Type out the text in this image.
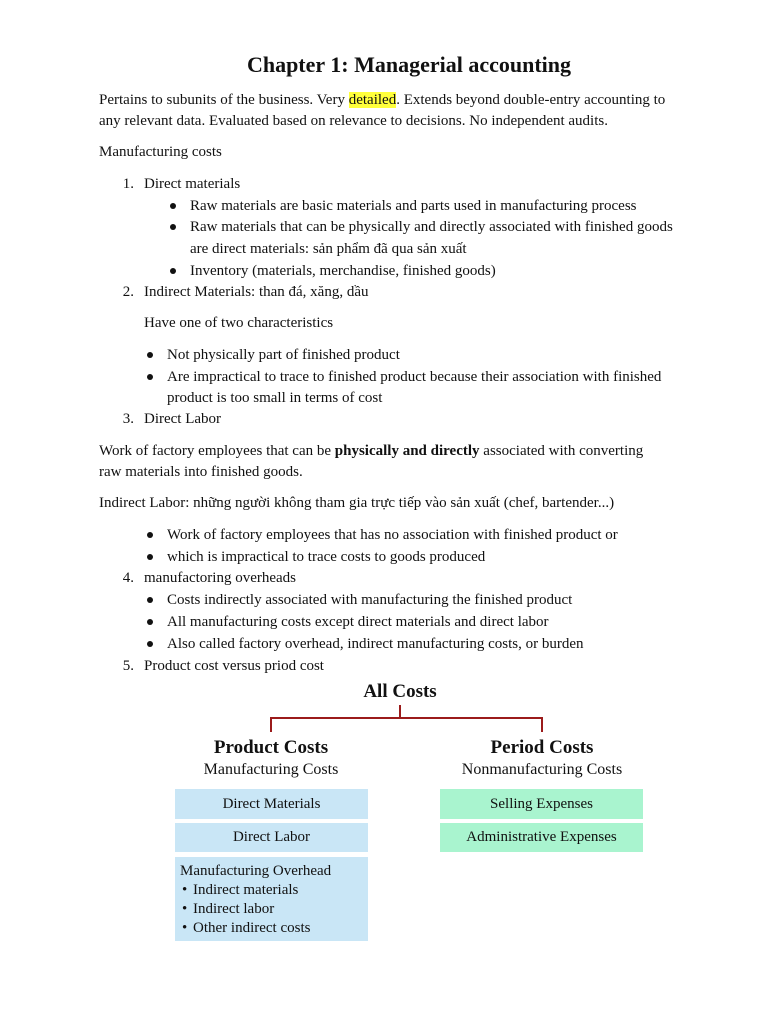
Chapter 1: Managerial accounting
Pertains to subunits of the business. Very detailed. Extends beyond double-entry accounting to
any relevant data. Evaluated based on relevance to decisions. No independent audits.
Manufacturing costs
1. Direct materials
Raw materials are basic materials and parts used in manufacturing process
Raw materials that can be physically and directly associated with finished goods
are direct materials: sản phẩm đã qua sản xuất
Inventory (materials, merchandise, finished goods)
2. Indirect Materials: than đá, xăng, dầu
Have one of two characteristics
Not physically part of finished product
Are impractical to trace to finished product because their association with finished
product is too small in terms of cost
3. Direct Labor
Work of factory employees that can be physically and directly associated with converting
raw materials into finished goods.
Indirect Labor: những người không tham gia trực tiếp vào sản xuất (chef, bartender...)
Work of factory employees that has no association with finished product or
which is impractical to trace costs to goods produced
4. manufactoring overheads
Costs indirectly associated with manufacturing the finished product
All manufacturing costs except direct materials and direct labor
Also called factory overhead, indirect manufacturing costs, or burden
5. Product cost versus priod cost
All Costs
Product Costs
Manufacturing Costs
Period Costs
Nonmanufacturing Costs
Direct Materials
Direct Labor
Manufacturing Overhead
• Indirect materials
• Indirect labor
• Other indirect costs
Selling Expenses
Administrative Expenses
